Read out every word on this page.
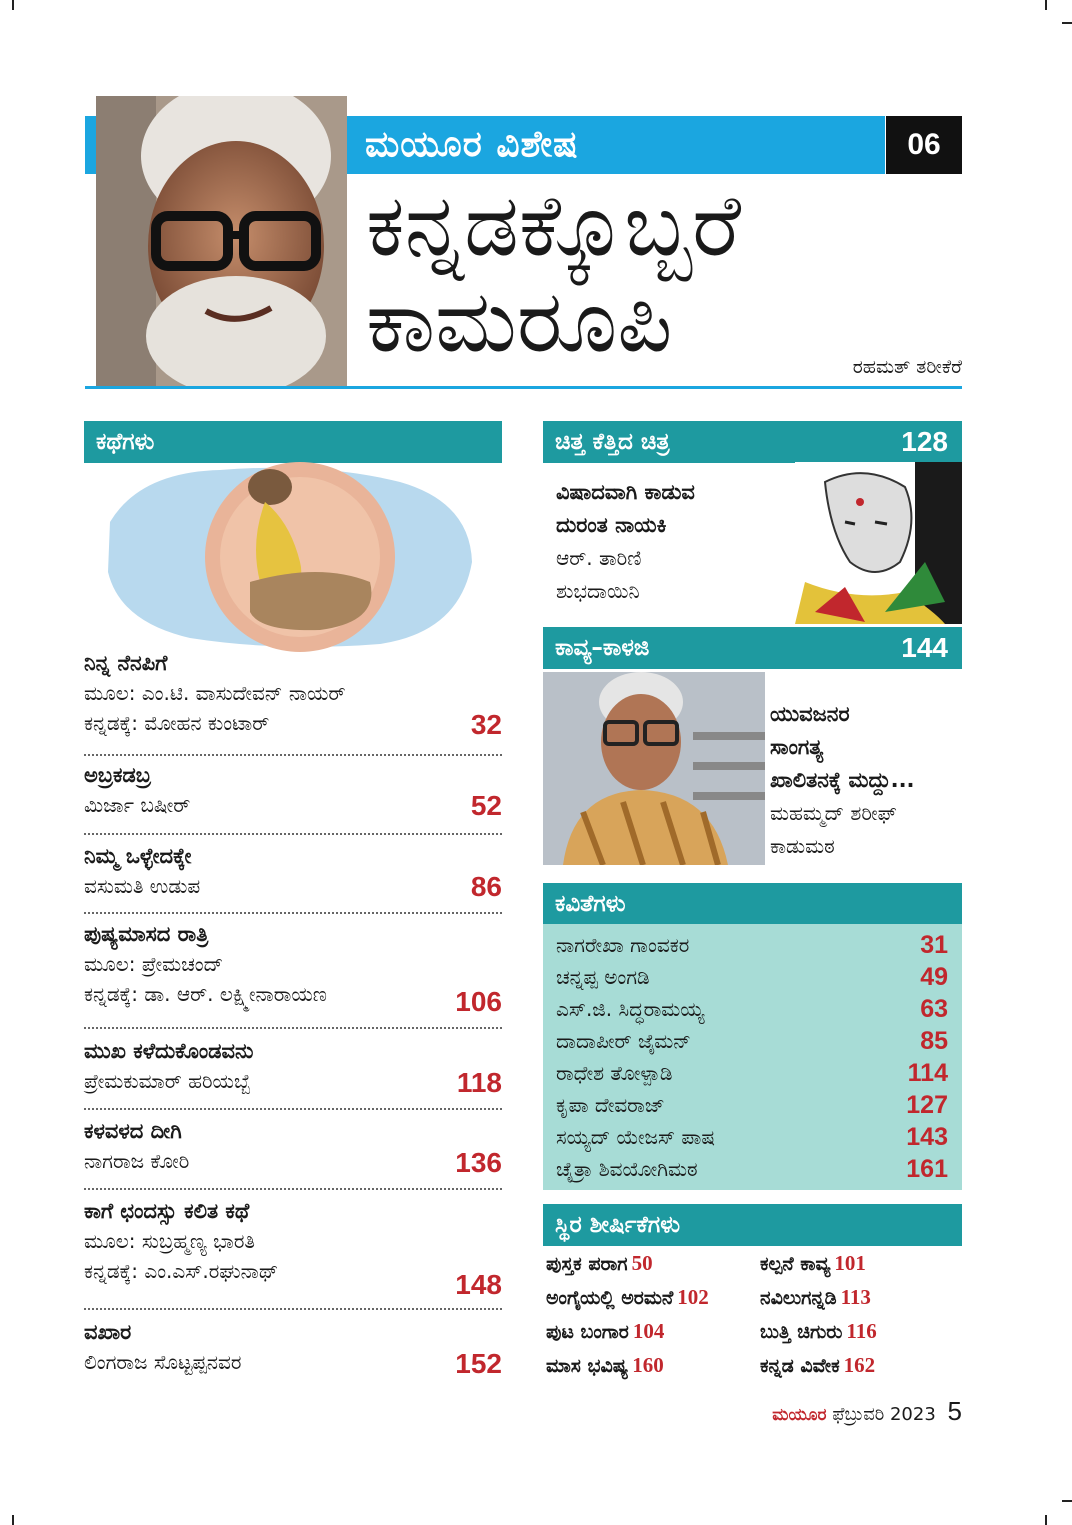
ಮಯೂರ ವಿಶೇಷ	06
ಕನ್ನಡಕ್ಕೊಬ್ಬರೆ
ಕಾಮರೂಪಿ	ರಹಮತ್ ತರೀಕೆರೆ
ಕಥೆಗಳು
ನಿನ್ನ ನೆನಪಿಗೆ
ಮೂಲ: ಎಂ.ಟಿ. ವಾಸುದೇವನ್ ನಾಯರ್
ಕನ್ನಡಕ್ಕೆ: ಮೋಹನ ಕುಂಟಾರ್	32
ಅಬ್ರಕಡಬ್ರ
ಮಿರ್ಜಾ ಬಷೀರ್	52
ನಿಮ್ಮ ಒಳ್ಳೇದಕ್ಕೇ
ವಸುಮತಿ ಉಡುಪ	86
ಪುಷ್ಯಮಾಸದ ರಾತ್ರಿ
ಮೂಲ: ಪ್ರೇಮಚಂದ್
ಕನ್ನಡಕ್ಕೆ: ಡಾ. ಆರ್. ಲಕ್ಷ್ಮೀನಾರಾಯಣ	106
ಮುಖ ಕಳೆದುಕೊಂಡವನು
ಪ್ರೇಮಕುಮಾರ್ ಹರಿಯಬ್ಬೆ	118
ಕಳವಳದ ದೀಗಿ
ನಾಗರಾಜ ಕೋರಿ	136
ಕಾಗೆ ಛಂದಸ್ಸು ಕಲಿತ ಕಥೆ
ಮೂಲ: ಸುಬ್ರಹ್ಮಣ್ಯ ಭಾರತಿ
ಕನ್ನಡಕ್ಕೆ: ಎಂ.ಎಸ್.ರಘುನಾಥ್	148
ವಖಾರ
ಲಿಂಗರಾಜ ಸೊಟ್ಟಪ್ಪನವರ	152
ಚಿತ್ತ ಕೆತ್ತಿದ ಚಿತ್ರ	128
ವಿಷಾದವಾಗಿ ಕಾಡುವ
ದುರಂತ ನಾಯಕಿ
ಆರ್. ತಾರಿಣಿ
ಶುಭದಾಯಿನಿ
ಕಾವ್ಯ–ಕಾಳಜಿ	144
ಯುವಜನರ
ಸಾಂಗತ್ಯ
ಖಾಲಿತನಕ್ಕೆ ಮದ್ದು...
ಮಹಮ್ಮದ್ ಶರೀಫ್
ಕಾಡುಮಠ
ಕವಿತೆಗಳು
ನಾಗರೇಖಾ ಗಾಂವಕರ	31
ಚನ್ನಪ್ಪ ಅಂಗಡಿ	49
ಎಸ್.ಜಿ. ಸಿದ್ಧರಾಮಯ್ಯ	63
ದಾದಾಪೀರ್ ಜೈಮನ್	85
ರಾಧೇಶ ತೋಳ್ಪಾಡಿ	114
ಕೃಪಾ ದೇವರಾಜ್	127
ಸಯ್ಯದ್ ಯೇಜಸ್ ಪಾಷ	143
ಚೈತ್ರಾ ಶಿವಯೋಗಿಮಠ	161
ಸ್ಥಿರ ಶೀರ್ಷಿಕೆಗಳು
ಪುಸ್ತಕ ಪರಾಗ 50	ಕಲ್ಪನೆ ಕಾವ್ಯ 101
ಅಂಗೈಯಲ್ಲಿ ಅರಮನೆ 102	ನವಿಲುಗನ್ನಡಿ 113
ಪುಟ ಬಂಗಾರ 104	ಬುತ್ತಿ ಚಿಗುರು 116
ಮಾಸ ಭವಿಷ್ಯ 160	ಕನ್ನಡ ವಿವೇಕ 162
ಮಯೂರ ಫೆಬ್ರುವರಿ 2023 5
